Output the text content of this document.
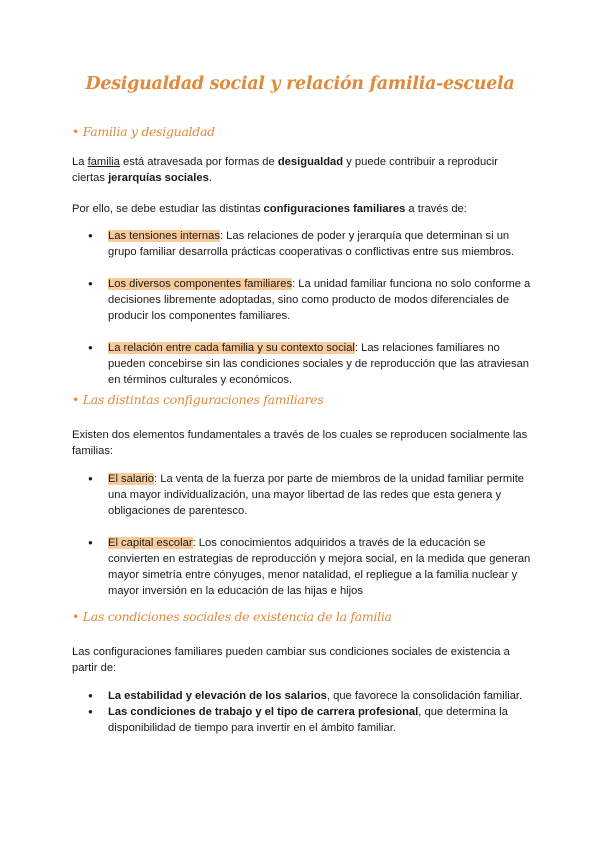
Desigualdad social y relación familia-escuela
• Familia y desigualdad
La familia está atravesada por formas de desigualdad y puede contribuir a reproducir ciertas jerarquías sociales.
Por ello, se debe estudiar las distintas configuraciones familiares a través de:
● Las tensiones internas: Las relaciones de poder y jerarquía que determinan si un grupo familiar desarrolla prácticas cooperativas o conflictivas entre sus miembros.
● Los diversos componentes familiares: La unidad familiar funciona no solo conforme a decisiones libremente adoptadas, sino como producto de modos diferenciales de producir los componentes familiares.
● La relación entre cada familia y su contexto social: Las relaciones familiares no pueden concebirse sin las condiciones sociales y de reproducción que las atraviesan en términos culturales y económicos.
• Las distintas configuraciones familiares
Existen dos elementos fundamentales a través de los cuales se reproducen socialmente las familias:
● El salario: La venta de la fuerza por parte de miembros de la unidad familiar permite una mayor individualización, una mayor libertad de las redes que esta genera y obligaciones de parentesco.
● El capital escolar: Los conocimientos adquiridos a través de la educación se convierten en estrategias de reproducción y mejora social, en la medida que generan mayor simetría entre cónyuges, menor natalidad, el repliegue a la familia nuclear y mayor inversión en la educación de las hijas e hijos
• Las condiciones sociales de existencia de la familia
Las configuraciones familiares pueden cambiar sus condiciones sociales de existencia a partir de:
● La estabilidad y elevación de los salarios, que favorece la consolidación familiar.
● Las condiciones de trabajo y el tipo de carrera profesional, que determina la disponibilidad de tiempo para invertir en el ámbito familiar.
